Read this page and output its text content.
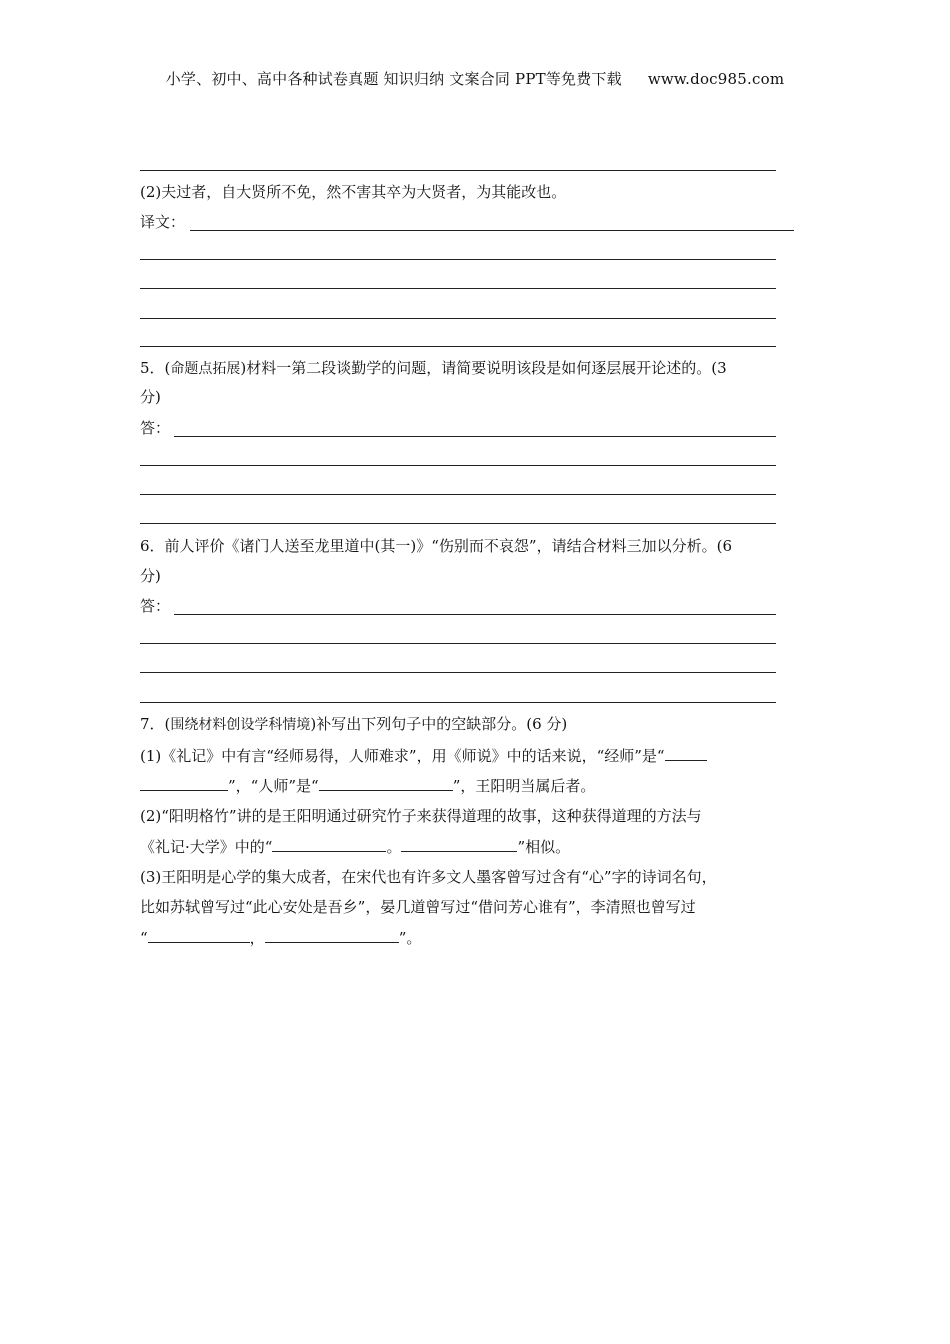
小学、初中、高中各种试卷真题 知识归纳 文案合同 PPT等免费下载 www.doc985.com
(2)夫过者，自大贤所不免，然不害其卒为大贤者，为其能改也。
译文：
5．(命题点拓展)材料一第二段谈勤学的问题，请简要说明该段是如何逐层展开论述的。(3
分)
答：
6．前人评价《诸门人送至龙里道中(其一)》“伤别而不哀怨”，请结合材料三加以分析。(6
分)
答：
7．(围绕材料创设学科情境)补写出下列句子中的空缺部分。(6 分)
(1)《礼记》中有言“经师易得，人师难求”，用《师说》中的话来说，“经师”是“
”，“人师”是“	”，王阳明当属后者。
(2)“阳明格竹”讲的是王阳明通过研究竹子来获得道理的故事，这种获得道理的方法与
《礼记·大学》中的“	。	”相似。
(3)王阳明是心学的集大成者，在宋代也有许多文人墨客曾写过含有“心”字的诗词名句，
比如苏轼曾写过“此心安处是吾乡”，晏几道曾写过“借问芳心谁有”，李清照也曾写过
“	，	”。
